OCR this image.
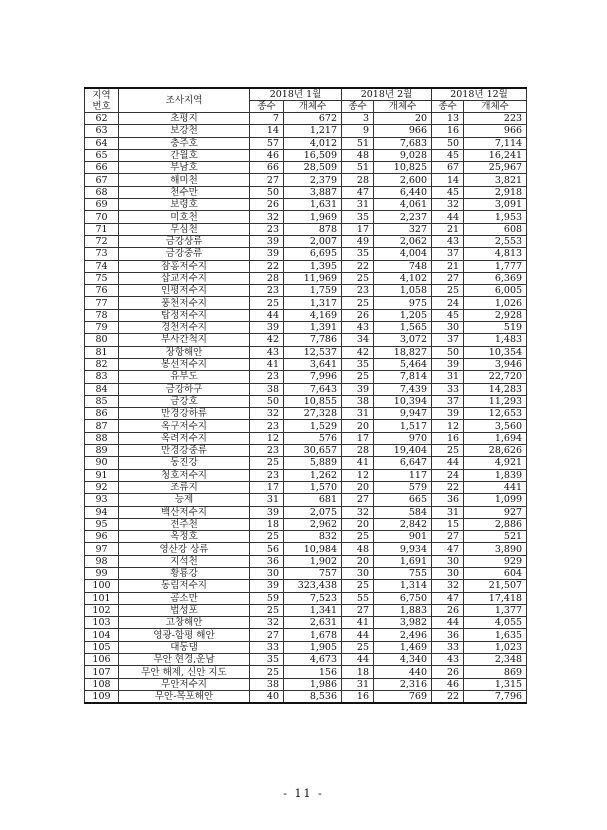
지역
번호	조사지역	2018년 1월		2018년 2월		2018년 12월	
		종수	개체수	종수	개체수	종수	개체수
62	초평지	7	672	3	20	13	223
63	보강천	14	1,217	9	966	16	966
64	충주호	57	4,012	51	7,683	50	7,114
65	간월호	46	16,509	48	9,028	45	16,241
66	부남호	66	28,509	51	10,825	67	25,967
67	해미천	27	2,379	28	2,600	14	3,821
68	천수만	50	3,887	47	6,440	45	2,918
69	보령호	26	1,631	31	4,061	32	3,091
70	미호천	32	1,969	35	2,237	44	1,953
71	무심천	23	878	17	327	21	608
72	금강상류	39	2,007	49	2,062	43	2,553
73	금강중류	39	6,695	35	4,004	37	4,813
74	잠홍저수지	22	1,395	22	748	21	1,777
75	삽교저수지	28	11,969	25	4,102	27	6,369
76	인평저수지	23	1,759	23	1,058	25	6,005
77	풍천저수지	25	1,317	25	975	24	1,026
78	탑정저수지	44	4,169	26	1,205	45	2,928
79	경천저수지	39	1,391	43	1,565	30	519
80	부사간척지	42	7,786	34	3,072	37	1,483
81	장항해안	43	12,537	42	18,827	50	10,354
82	봉선저수지	41	3,641	35	5,464	39	3,946
83	유부도	23	7,996	25	7,814	31	22,720
84	금강하구	38	7,643	39	7,439	33	14,283
85	금강호	50	10,855	38	10,394	37	11,293
86	만경강하류	32	27,328	31	9,947	39	12,653
87	옥구저수지	23	1,529	20	1,517	12	3,560
88	옥려저수지	12	576	17	970	16	1,694
89	만경강중류	23	30,657	28	19,404	25	28,626
90	동진강	25	5,889	41	6,647	44	4,921
91	청호저수지	23	1,262	12	117	24	1,839
92	조류지	17	1,570	20	579	22	441
93	능제	31	681	27	665	36	1,099
94	백산저수지	39	2,075	32	584	31	927
95	전주천	18	2,962	20	2,842	15	2,886
96	옥정호	25	832	25	901	27	521
97	영산강 상류	56	10,984	48	9,934	47	3,890
98	지석천	36	1,902	20	1,691	30	929
99	황룡강	30	757	30	755	30	604
100	동림저수지	39	323,438	25	1,314	32	21,507
101	곰소만	59	7,523	55	6,750	47	17,418
102	법성포	25	1,341	27	1,883	26	1,377
103	고창해안	32	2,631	41	3,982	44	4,055
104	영광-함평 해안	27	1,678	44	2,496	36	1,635
105	대동댐	33	1,905	25	1,469	33	1,023
106	무안 현경,운남	35	4,673	44	4,340	43	2,348
107	무안 해제, 신안 지도	25	156	18	440	26	869
108	무안저수지	38	1,986	31	2,316	46	1,315
109	무안-목포해안	40	8,536	16	769	22	7,796
- 11 -
